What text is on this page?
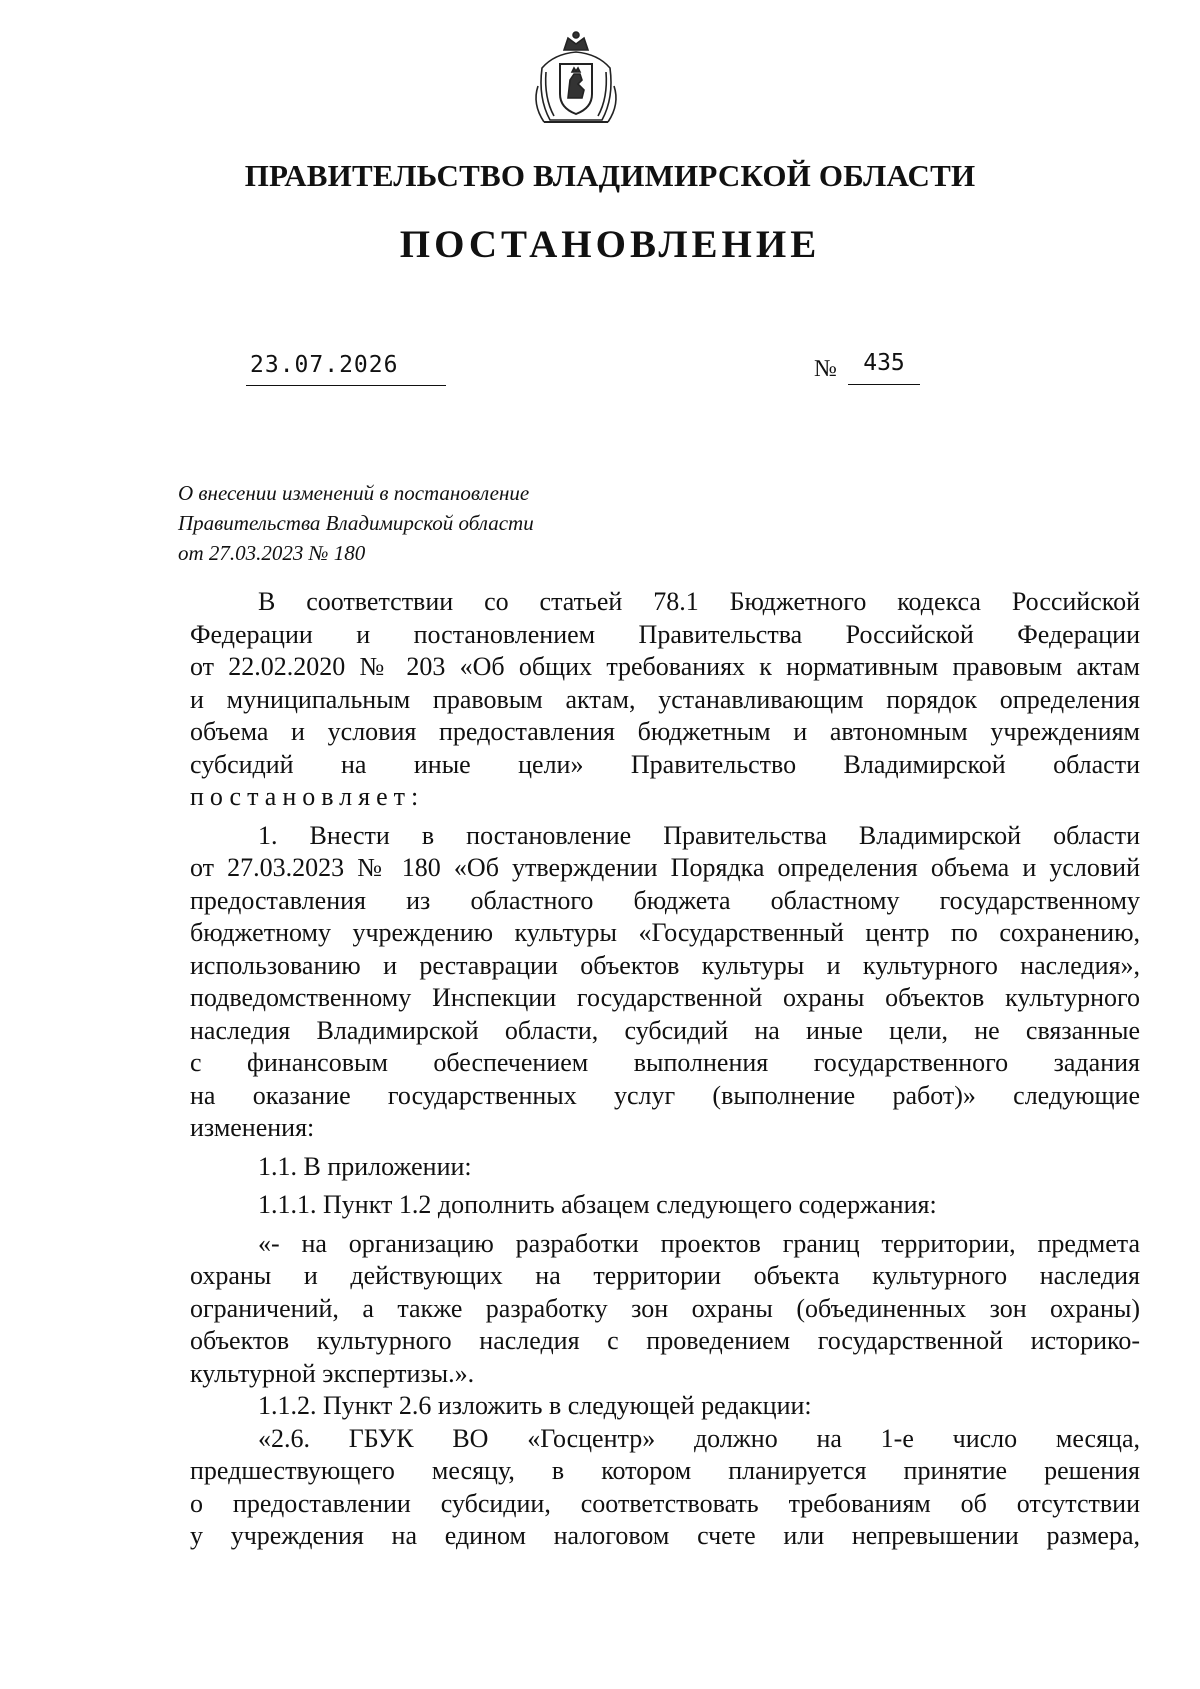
ПРАВИТЕЛЬСТВО ВЛАДИМИРСКОЙ ОБЛАСТИ
ПОСТАНОВЛЕНИЕ
23.07.2026	№	435
О внесении изменений в постановление
Правительства Владимирской области
от 27.03.2023 № 180
В соответствии со статьей 78.1 Бюджетного кодекса Российской
Федерации и постановлением Правительства Российской Федерации
от 22.02.2020 № 203 «Об общих требованиях к нормативным правовым актам
и муниципальным правовым актам, устанавливающим порядок определения
объема и условия предоставления бюджетным и автономным учреждениям
субсидий на иные цели» Правительство Владимирской области
постановляет:
1. Внести в постановление Правительства Владимирской области
от 27.03.2023 № 180 «Об утверждении Порядка определения объема и условий
предоставления из областного бюджета областному государственному
бюджетному учреждению культуры «Государственный центр по сохранению,
использованию и реставрации объектов культуры и культурного наследия»,
подведомственному Инспекции государственной охраны объектов культурного
наследия Владимирской области, субсидий на иные цели, не связанные
с финансовым обеспечением выполнения государственного задания
на оказание государственных услуг (выполнение работ)» следующие
изменения:
1.1. В приложении:
1.1.1. Пункт 1.2 дополнить абзацем следующего содержания:
«- на организацию разработки проектов границ территории, предмета
охраны и действующих на территории объекта культурного наследия
ограничений, а также разработку зон охраны (объединенных зон охраны)
объектов культурного наследия с проведением государственной историко-
культурной экспертизы.».
1.1.2. Пункт 2.6 изложить в следующей редакции:
«2.6. ГБУК ВО «Госцентр» должно на 1-е число месяца,
предшествующего месяцу, в котором планируется принятие решения
о предоставлении субсидии, соответствовать требованиям об отсутствии
у учреждения на едином налоговом счете или непревышении размера,
